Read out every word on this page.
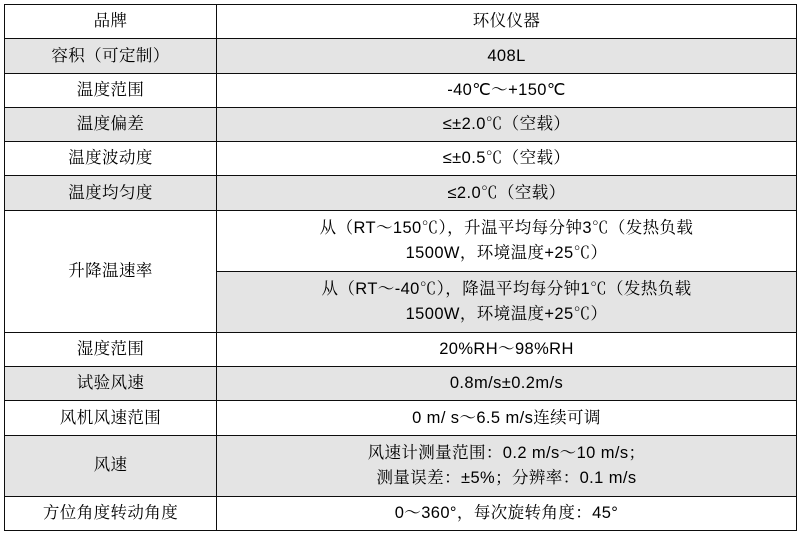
品牌	环仪仪器

容积（可定制）	408L

温度范围	-40℃～+150℃

温度偏差	≤±2.0℃（空载）

温度波动度	≤±0.5℃（空载）

温度均匀度	≤2.0℃（空载）

升降温速率	从（RT～150℃），升温平均每分钟3℃（发热负载
1500W，环境温度+25℃）

	从（RT～-40℃），降温平均每分钟1℃（发热负载
1500W，环境温度+25℃）

湿度范围	20%RH～98%RH

试验风速	0.8m/s±0.2m/s

风机风速范围	0 m/ s～6.5 m/s连续可调

风速	风速计测量范围：0.2 m/s～10 m/s；
测量误差：±5%；分辨率：0.1 m/s

方位角度转动角度	0～360°，每次旋转角度：45°
